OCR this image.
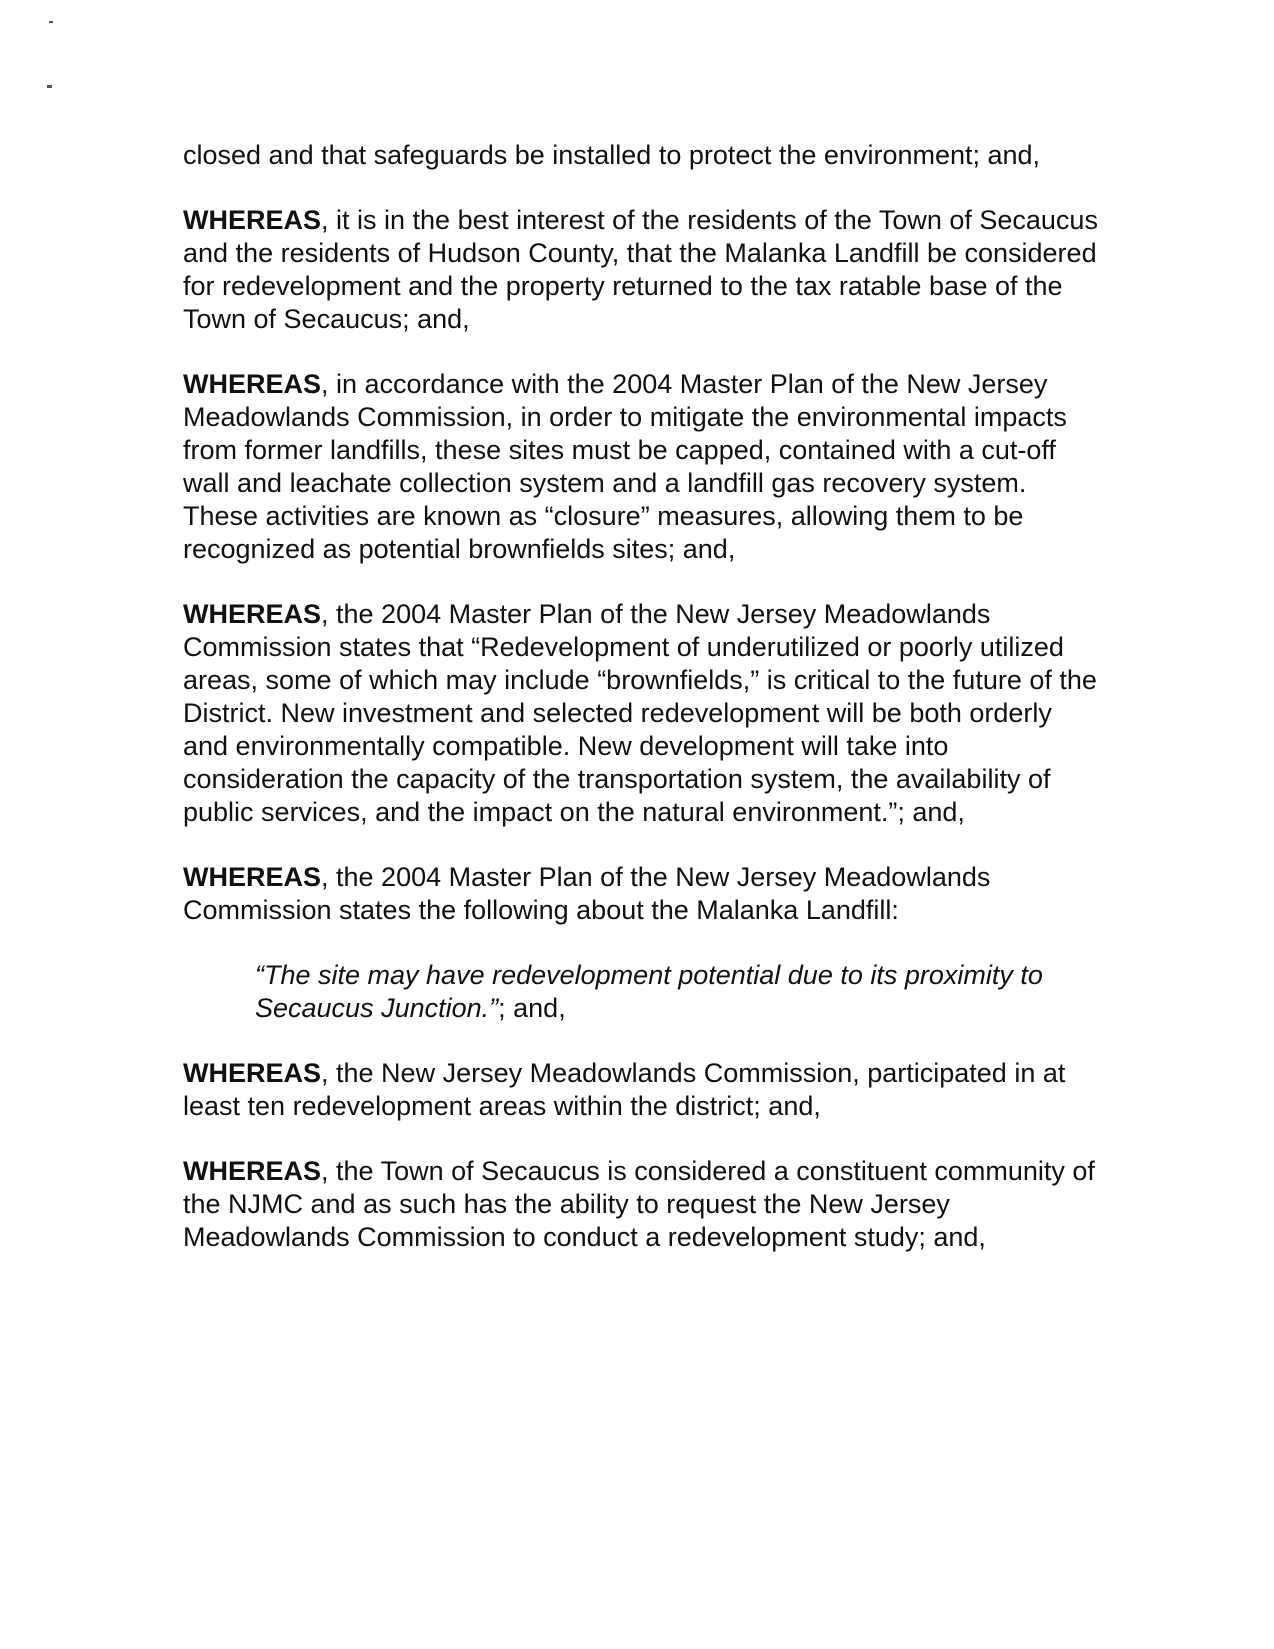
closed and that safeguards be installed to protect the environment; and,

WHEREAS, it is in the best interest of the residents of the Town of Secaucus and the residents of Hudson County, that the Malanka Landfill be considered for redevelopment and the property returned to the tax ratable base of the Town of Secaucus; and,

WHEREAS, in accordance with the 2004 Master Plan of the New Jersey Meadowlands Commission, in order to mitigate the environmental impacts from former landfills, these sites must be capped, contained with a cut-off wall and leachate collection system and a landfill gas recovery system. These activities are known as “closure” measures, allowing them to be recognized as potential brownfields sites; and,

WHEREAS, the 2004 Master Plan of the New Jersey Meadowlands Commission states that “Redevelopment of underutilized or poorly utilized areas, some of which may include “brownfields,” is critical to the future of the District. New investment and selected redevelopment will be both orderly and environmentally compatible. New development will take into consideration the capacity of the transportation system, the availability of public services, and the impact on the natural environment.”; and,

WHEREAS, the 2004 Master Plan of the New Jersey Meadowlands Commission states the following about the Malanka Landfill:

“The site may have redevelopment potential due to its proximity to Secaucus Junction.”; and,

WHEREAS, the New Jersey Meadowlands Commission, participated in at least ten redevelopment areas within the district; and,

WHEREAS, the Town of Secaucus is considered a constituent community of the NJMC and as such has the ability to request the New Jersey Meadowlands Commission to conduct a redevelopment study; and,
